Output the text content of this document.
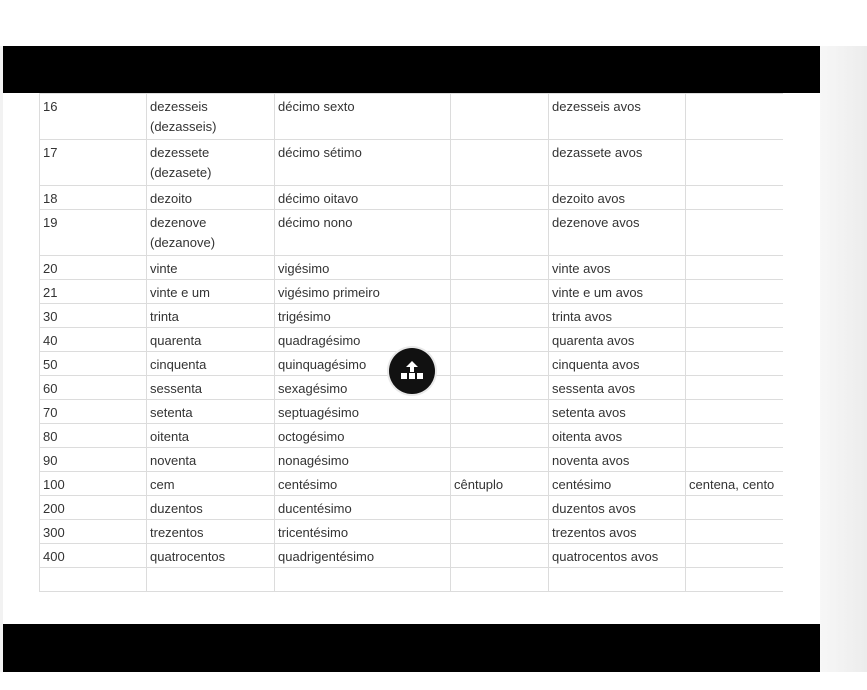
16	dezesseis (dezasseis)	décimo sexto		dezesseis avos	
17	dezessete (dezasete)	décimo sétimo		dezassete avos	
18	dezoito	décimo oitavo		dezoito avos	
19	dezenove (dezanove)	décimo nono		dezenove avos	
20	vinte	vigésimo		vinte avos	
21	vinte e um	vigésimo primeiro		vinte e um avos	
30	trinta	trigésimo		trinta avos	
40	quarenta	quadragésimo		quarenta avos	
50	cinquenta	quinquagésimo		cinquenta avos	
60	sessenta	sexagésimo		sessenta avos	
70	setenta	septuagésimo		setenta avos	
80	oitenta	octogésimo		oitenta avos	
90	noventa	nonagésimo		noventa avos	
100	cem	centésimo	cêntuplo	centésimo	centena, cento
200	duzentos	ducentésimo		duzentos avos	
300	trezentos	tricentésimo		trezentos avos	
400	quatrocentos	quadrigentésimo		quatrocentos avos	
